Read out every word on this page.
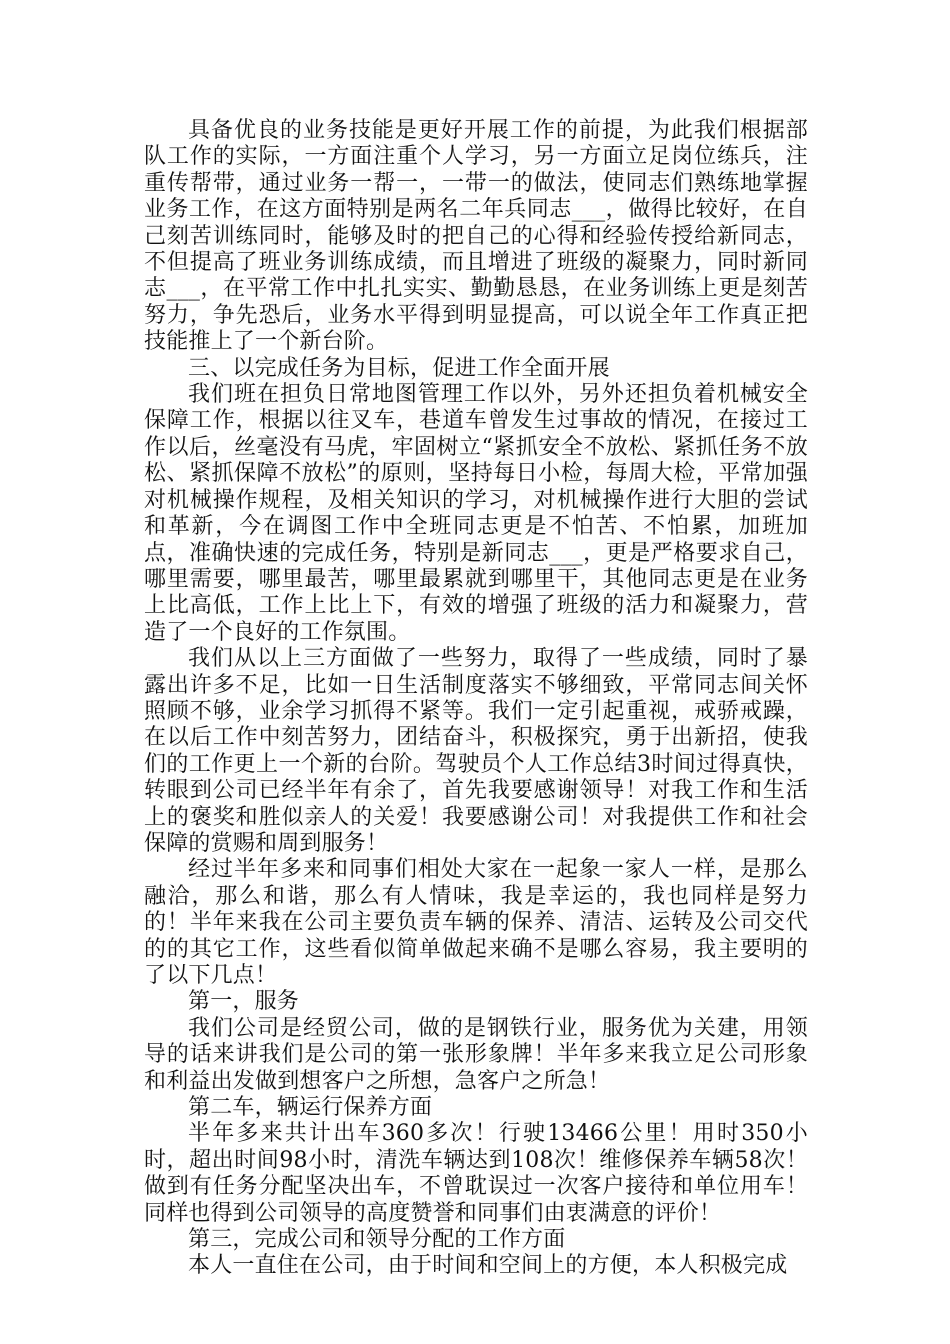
具备优良的业务技能是更好开展工作的前提，为此我们根据部队工作的实际，一方面注重个人学习，另一方面立足岗位练兵，注重传帮带，通过业务一帮一，一带一的做法，使同志们熟练地掌握业务工作，在这方面特别是两名二年兵同志___，做得比较好，在自己刻苦训练同时，能够及时的把自己的心得和经验传授给新同志，不但提高了班业务训练成绩，而且增进了班级的凝聚力，同时新同志___，在平常工作中扎扎实实、勤勤恳恳，在业务训练上更是刻苦努力，争先恐后，业务水平得到明显提高，可以说全年工作真正把技能推上了一个新台阶。

三、以完成任务为目标，促进工作全面开展

我们班在担负日常地图管理工作以外，另外还担负着机械安全保障工作，根据以往叉车，巷道车曾发生过事故的情况，在接过工作以后，丝毫没有马虎，牢固树立“紧抓安全不放松、紧抓任务不放松、紧抓保障不放松”的原则，坚持每日小检，每周大检，平常加强对机械操作规程，及相关知识的学习，对机械操作进行大胆的尝试和革新，今在调图工作中全班同志更是不怕苦、不怕累，加班加点，准确快速的完成任务，特别是新同志___，更是严格要求自己，哪里需要，哪里最苦，哪里最累就到哪里干，其他同志更是在业务上比高低，工作上比上下，有效的增强了班级的活力和凝聚力，营造了一个良好的工作氛围。

我们从以上三方面做了一些努力，取得了一些成绩，同时了暴露出许多不足，比如一日生活制度落实不够细致，平常同志间关怀照顾不够，业余学习抓得不紧等。我们一定引起重视，戒骄戒躁，在以后工作中刻苦努力，团结奋斗，积极探究，勇于出新招，使我们的工作更上一个新的台阶。驾驶员个人工作总结3时间过得真快，转眼到公司已经半年有余了，首先我要感谢领导！对我工作和生活上的褒奖和胜似亲人的关爱！我要感谢公司！对我提供工作和社会保障的赏赐和周到服务！

经过半年多来和同事们相处大家在一起象一家人一样，是那么融洽，那么和谐，那么有人情味，我是幸运的，我也同样是努力的！半年来我在公司主要负责车辆的保养、清洁、运转及公司交代的的其它工作，这些看似简单做起来确不是哪么容易，我主要明的了以下几点！

第一，服务

我们公司是经贸公司，做的是钢铁行业，服务优为关建，用领导的话来讲我们是公司的第一张形象牌！半年多来我立足公司形象和利益出发做到想客户之所想，急客户之所急！

第二车，辆运行保养方面

半年多来共计出车360多次！行驶13466公里！用时350小时，超出时间98小时，清洗车辆达到108次！维修保养车辆58次！做到有任务分配坚决出车，不曾耽误过一次客户接待和单位用车！同样也得到公司领导的高度赞誉和同事们由衷满意的评价！

第三，完成公司和领导分配的工作方面

本人一直住在公司，由于时间和空间上的方便，本人积极完成
